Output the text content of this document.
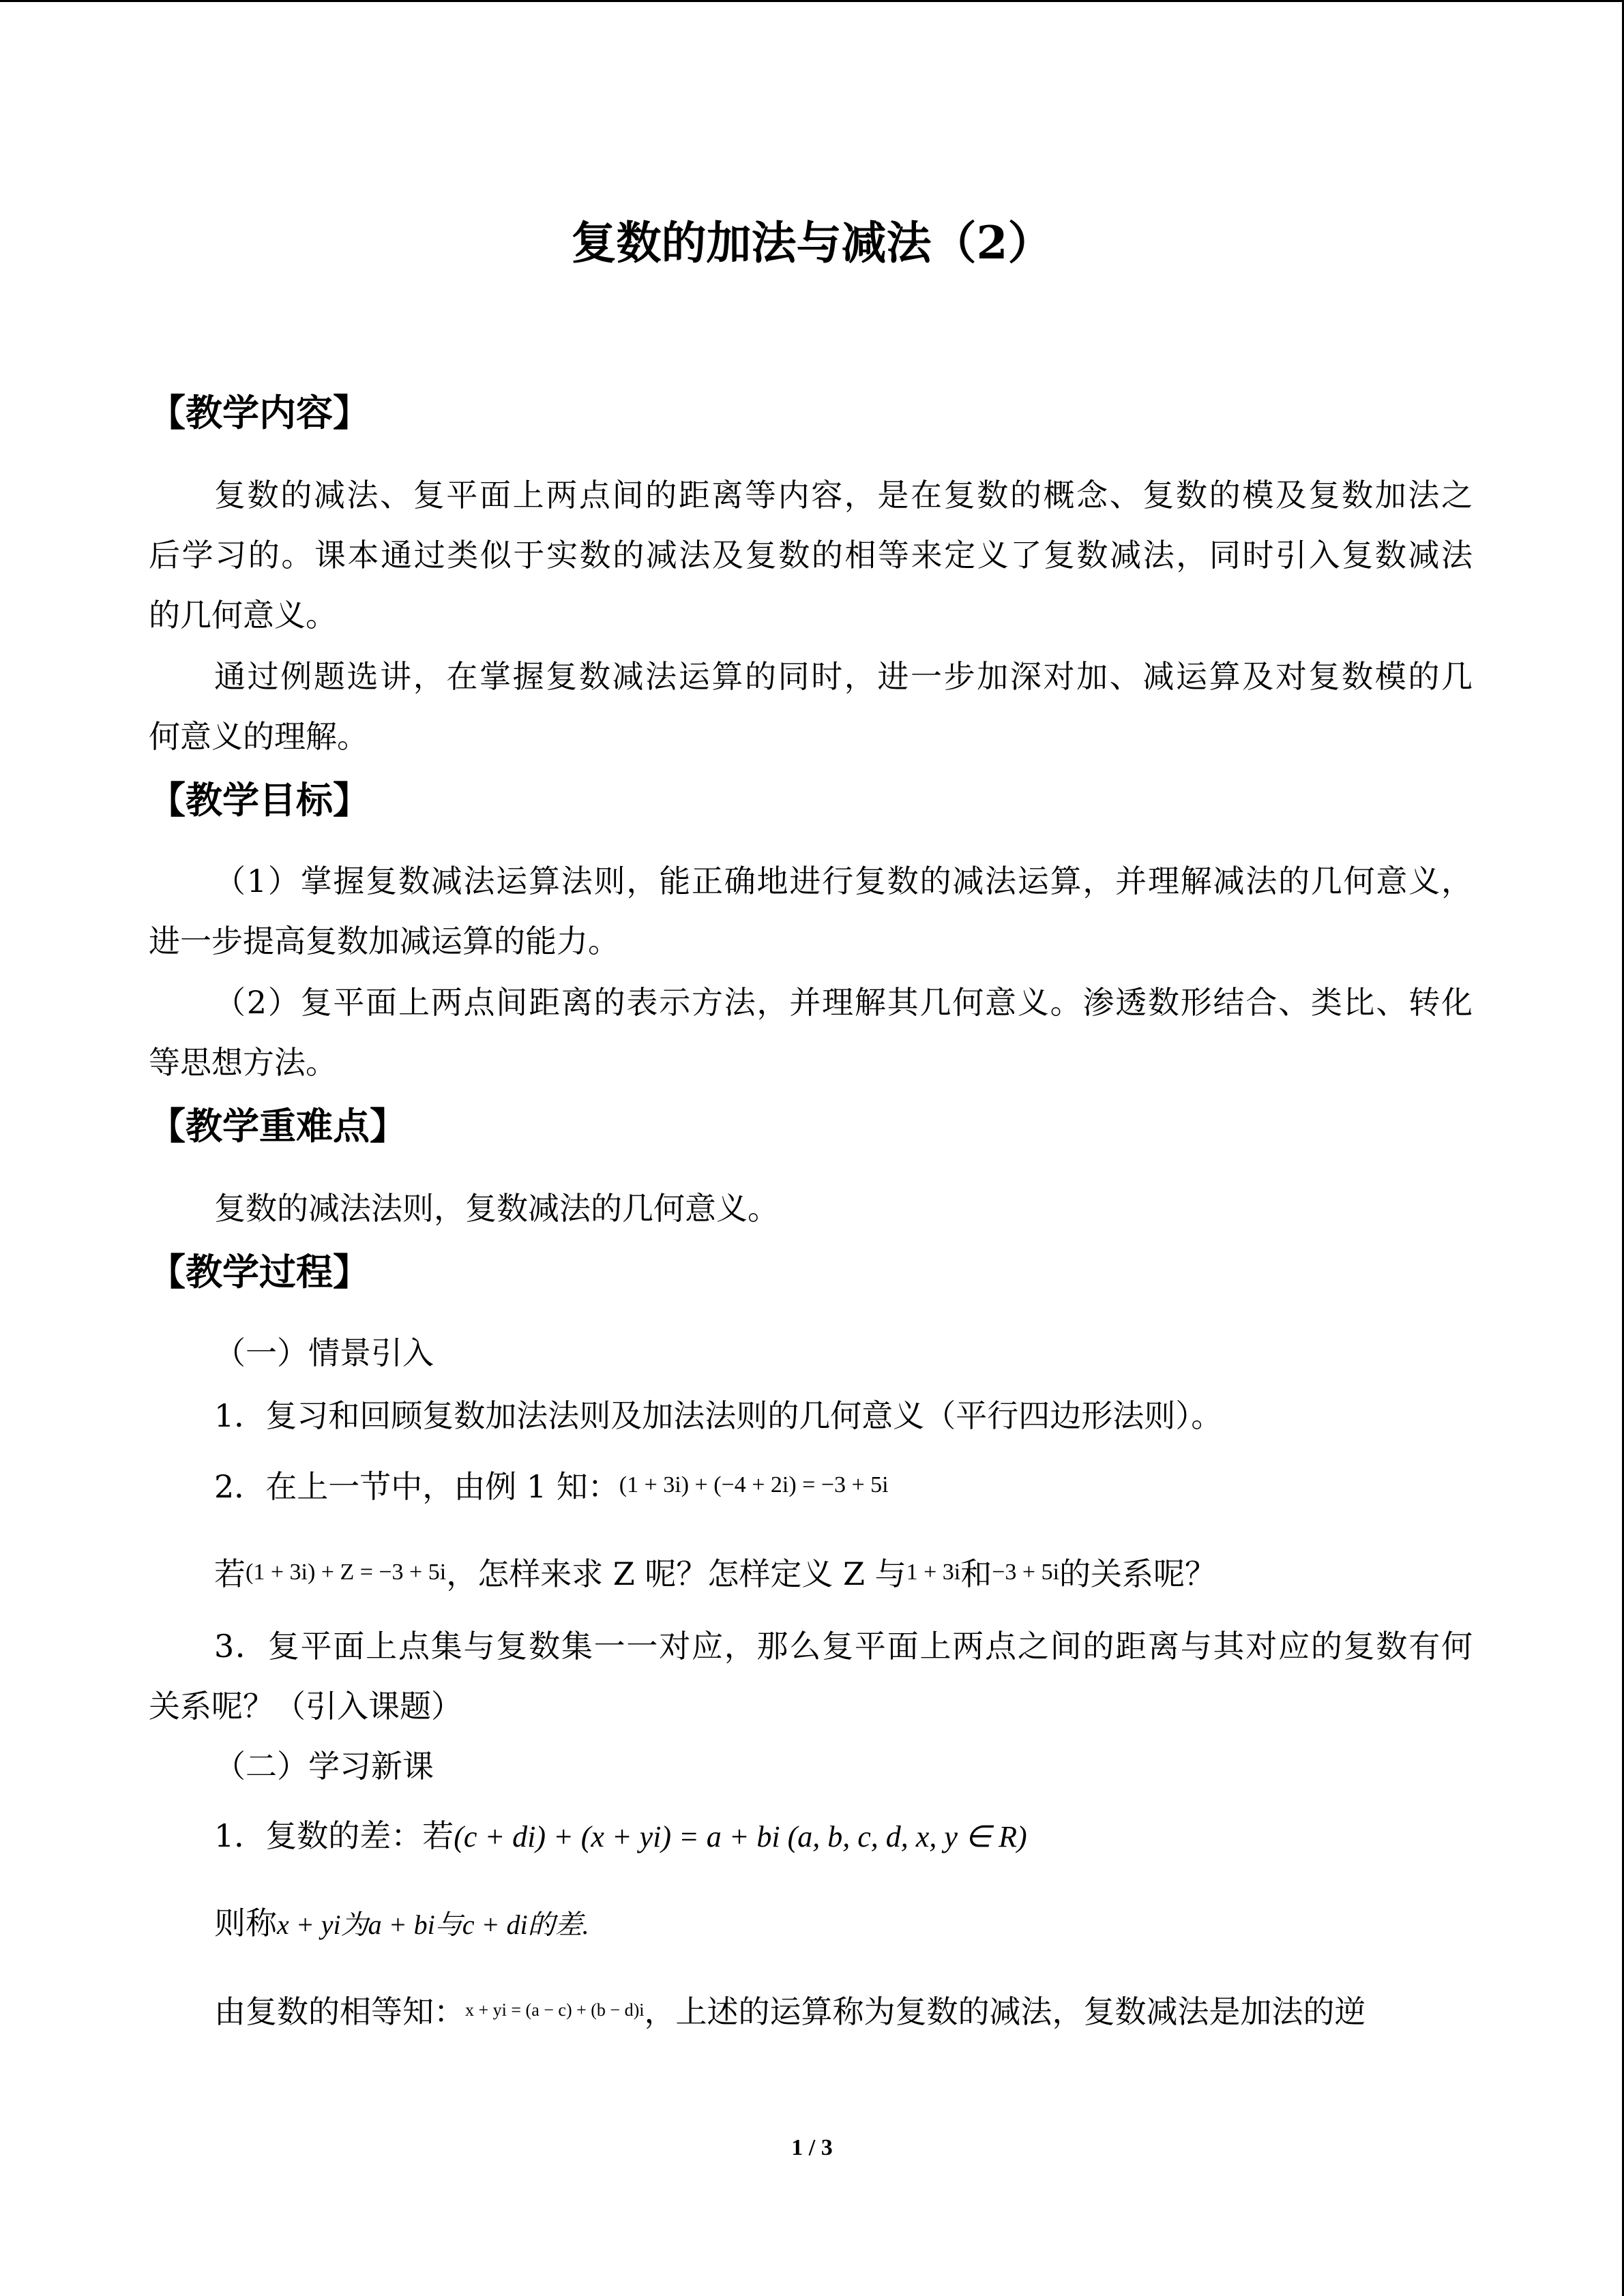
复数的加法与减法（2）

【教学内容】

复数的减法、复平面上两点间的距离等内容，是在复数的概念、复数的模及复数加法之

后学习的。课本通过类似于实数的减法及复数的相等来定义了复数减法，同时引入复数减法

的几何意义。

通过例题选讲，在掌握复数减法运算的同时，进一步加深对加、减运算及对复数模的几

何意义的理解。

【教学目标】

（1）掌握复数减法运算法则，能正确地进行复数的减法运算，并理解减法的几何意义，

进一步提高复数加减运算的能力。

（2）复平面上两点间距离的表示方法，并理解其几何意义。渗透数形结合、类比、转化

等思想方法。

【教学重难点】

复数的减法法则，复数减法的几何意义。

【教学过程】

（一）情景引入

1．复习和回顾复数加法法则及加法法则的几何意义（平行四边形法则）。

2．在上一节中，由例 1 知：(1 + 3i) + (−4 + 2i) = −3 + 5i

若(1 + 3i) + Z = −3 + 5i，怎样来求 Z 呢？怎样定义 Z 与1 + 3i和−3 + 5i的关系呢？

3．复平面上点集与复数集一一对应，那么复平面上两点之间的距离与其对应的复数有何

关系呢？（引入课题）

（二）学习新课

1．复数的差：若(c + di) + (x + yi) = a + bi (a, b, c, d, x, y ∈ R)

则称x + yi为a + bi与c + di的差.

由复数的相等知：$^{x + yi = (a - c) + (b - d)i}$，上述的运算称为复数的减法，复数减法是加法的逆

1 / 3
